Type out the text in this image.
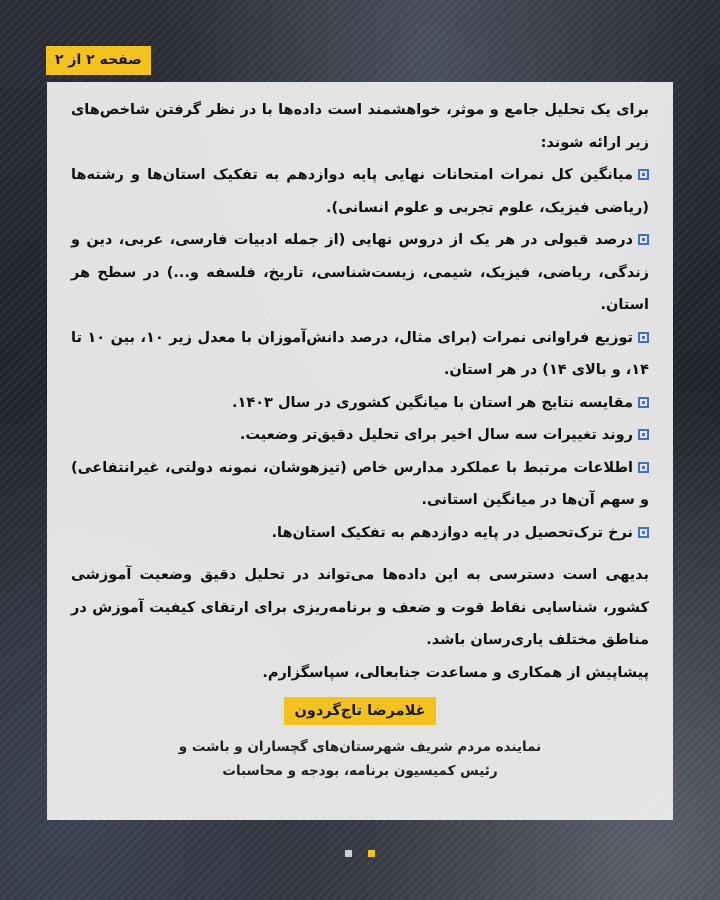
صفحه ۲ از ۲

برای یک تحلیل جامع و موثر، خواهشمند است داده‌ها با در نظر گرفتن شاخص‌های زیر ارائه شوند:

میانگین کل نمرات امتحانات نهایی پایه دوازدهم به تفکیک استان‌ها و رشته‌ها (ریاضی فیزیک، علوم تجربی و علوم انسانی).
درصد قبولی در هر یک از دروس نهایی (از جمله ادبیات فارسی، عربی، دین و زندگی، ریاضی، فیزیک، شیمی، زیست‌شناسی، تاریخ، فلسفه و...) در سطح هر استان.
توزیع فراوانی نمرات (برای مثال، درصد دانش‌آموزان با معدل زیر ۱۰، بین ۱۰ تا ۱۴، و بالای ۱۴) در هر استان.
مقایسه نتایج هر استان با میانگین کشوری در سال ۱۴۰۳.
روند تغییرات سه سال اخیر برای تحلیل دقیق‌تر وضعیت.
اطلاعات مرتبط با عملکرد مدارس خاص (تیزهوشان، نمونه دولتی، غیرانتفاعی) و سهم آن‌ها در میانگین استانی.
نرخ ترک‌تحصیل در پایه دوازدهم به تفکیک استان‌ها.

بدیهی است دسترسی به این داده‌ها می‌تواند در تحلیل دقیق وضعیت آموزشی کشور، شناسایی نقاط قوت و ضعف و برنامه‌ریزی برای ارتقای کیفیت آموزش در مناطق مختلف یاری‌رسان باشد.

پیشاپیش از همکاری و مساعدت جنابعالی، سپاسگزارم.

غلامرضا تاج‌گردون
نماینده مردم شریف شهرستان‌های گچساران و باشت و
رئیس کمیسیون برنامه، بودجه و محاسبات
